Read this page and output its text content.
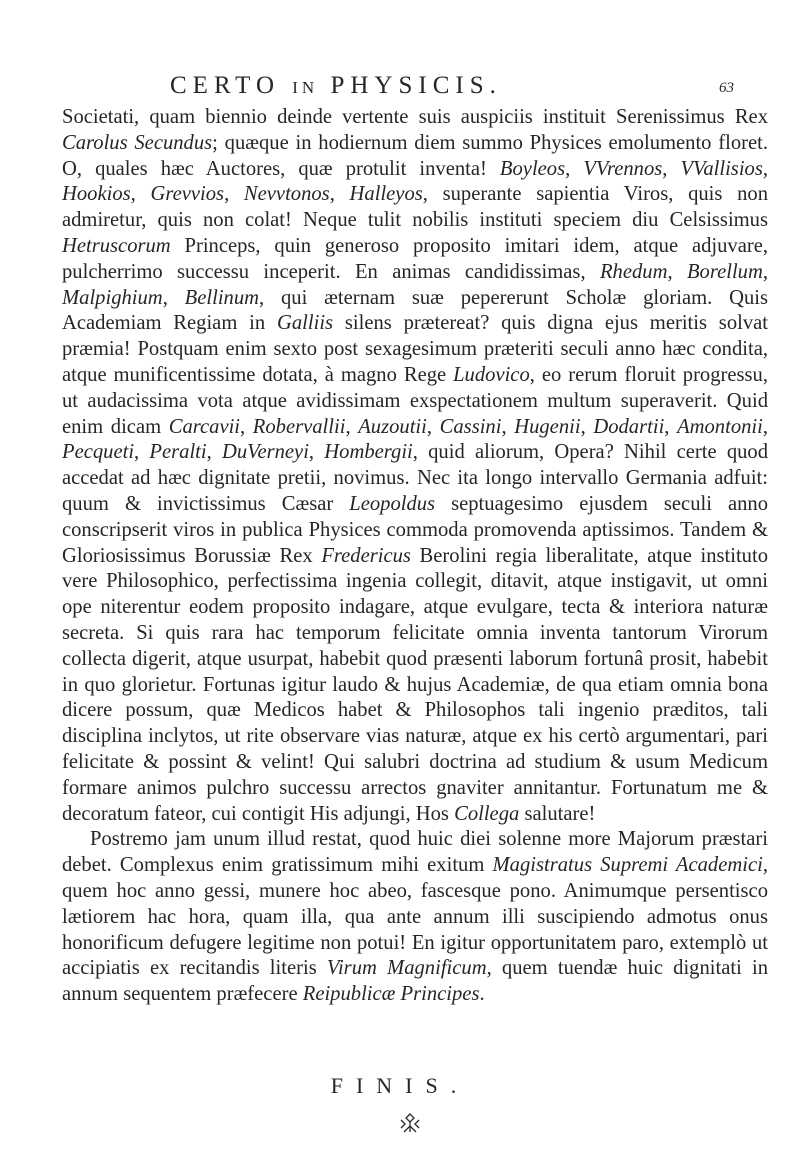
CERTO IN PHYSICIS.	63

Societati, quam biennio deinde vertente suis auspiciis instituit Serenissimus Rex Carolus Secundus; quæque in hodiernum diem summo Physices emolumento floret. O, quales hæc Auctores, quæ protulit inventa! Boyleos, VVrennos, VVallisios, Hookios, Grevvios, Nevvtonos, Halleyos, superante sapientia Viros, quis non admiretur, quis non colat! Neque tulit nobilis instituti speciem diu Celsissimus Hetruscorum Princeps, quin generoso proposito imitari idem, atque adjuvare, pulcherrimo successu inceperit. En animas candidissimas, Rhedum, Borellum, Malpighium, Bellinum, qui æternam suæ pepererunt Scholæ gloriam. Quis Academiam Regiam in Galliis silens prætereat? quis digna ejus meritis solvat præmia! Postquam enim sexto post sexagesimum præteriti seculi anno hæc condita, atque munificentissime dotata, à magno Rege Ludovico, eo rerum floruit progressu, ut audacissima vota atque avidissimam exspectationem multum superaverit. Quid enim dicam Carcavii, Robervallii, Auzoutii, Cassini, Hugenii, Dodartii, Amontonii, Pecqueti, Peralti, DuVerneyi, Hombergii, quid aliorum, Opera? Nihil certe quod accedat ad hæc dignitate pretii, novimus. Nec ita longo intervallo Germania adfuit: quum & invictissimus Cæsar Leopoldus septuagesimo ejusdem seculi anno conscripserit viros in publica Physices commoda promovenda aptissimos. Tandem & Gloriosissimus Borussiæ Rex Fredericus Berolini regia liberalitate, atque instituto vere Philosophico, perfectissima ingenia collegit, ditavit, atque instigavit, ut omni ope niterentur eodem proposito indagare, atque evulgare, tecta & interiora naturæ secreta. Si quis rara hac temporum felicitate omnia inventa tantorum Virorum collecta digerit, atque usurpat, habebit quod præsenti laborum fortunâ prosit, habebit in quo glorietur. Fortunas igitur laudo & hujus Academiæ, de qua etiam omnia bona dicere possum, quæ Medicos habet & Philosophos tali ingenio præditos, tali disciplina inclytos, ut rite observare vias naturæ, atque ex his certò argumentari, pari felicitate & possint & velint! Qui salubri doctrina ad studium & usum Medicum formare animos pulchro successu arrectos gnaviter annitantur. Fortunatum me & decoratum fateor, cui contigit His adjungi, Hos Collega salutare!

Postremo jam unum illud restat, quod huic diei solenne more Majorum præstari debet. Complexus enim gratissimum mihi exitum Magistratus Supremi Academici, quem hoc anno gessi, munere hoc abeo, fascesque pono. Animumque persentisco lætiorem hac hora, quam illa, qua ante annum illi suscipiendo admotus onus honorificum defugere legitime non potui! En igitur opportunitatem paro, extemplò ut accipiatis ex recitandis literis Virum Magnificum, quem tuendæ huic dignitati in annum sequentem præfecere Reipublicæ Principes.

FINIS.
